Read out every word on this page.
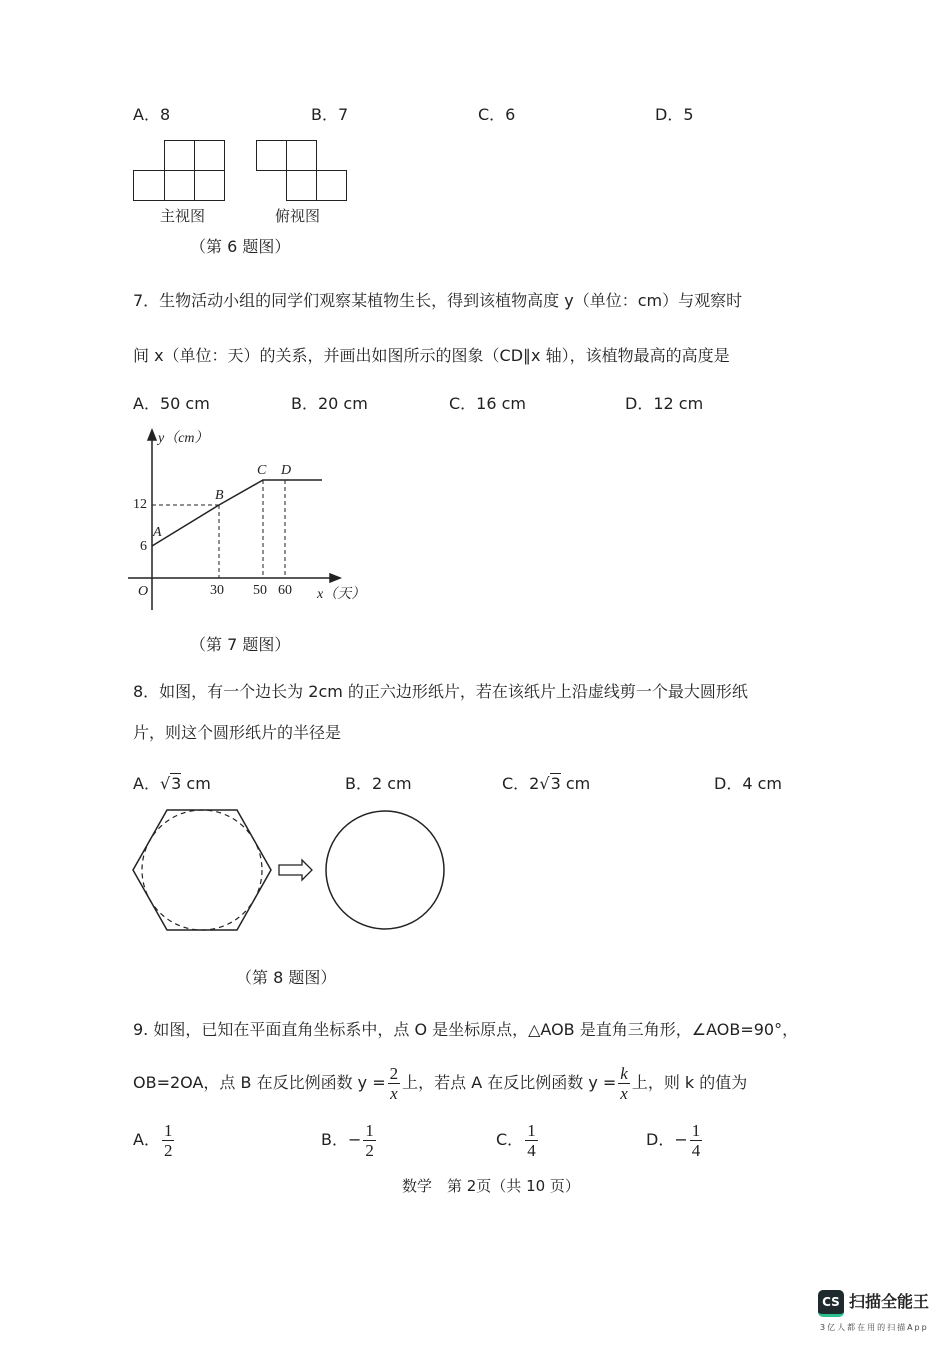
A．8	B．7	C．6	D．5
主视图	俯视图
（第 6 题图）
7．生物活动小组的同学们观察某植物生长，得到该植物高度 y（单位：cm）与观察时
间 x（单位：天）的关系，并画出如图所示的图象（CD∥x 轴），该植物最高的高度是
A．50 cm	B．20 cm	C．16 cm	D．12 cm
y（cm）
x（天）
O
12
6
30 50 60
A
B
C D
（第 7 题图）
8．如图，有一个边长为 2cm 的正六边形纸片，若在该纸片上沿虚线剪一个最大圆形纸
片，则这个圆形纸片的半径是
A．√3 cm	B．2 cm	C．2√3 cm	D．4 cm
（第 8 题图）
9. 如图，已知在平面直角坐标系中，点 O 是坐标原点，△AOB 是直角三角形，∠AOB=90°，
OB=2OA，点 B 在反比例函数 $y = \frac{2}{x}$ 上，若点 A 在反比例函数 $y = \frac{k}{x}$ 上，则 k 的值为
A． $\frac{1}{2}$	B．− $\frac{1}{2}$	C． $\frac{1}{4}$	D．− $\frac{1}{4}$
数学　第 2页（共 10 页）
CS 扫描全能王
3亿人都在用的扫描App
